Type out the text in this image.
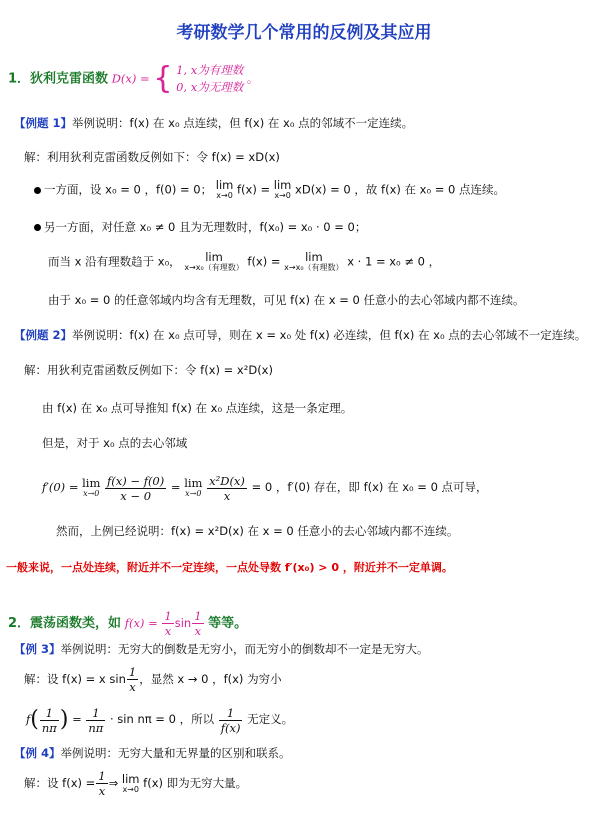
考研数学几个常用的反例及其应用
1．狄利克雷函数 D(x) = { 1, x为有理数
0, x为无理数
。
【例题 1】举例说明：f(x) 在 x₀ 点连续，但 f(x) 在 x₀ 点的邻域不一定连续。
解：利用狄利克雷函数反例如下：令 f(x) = xD(x)
一方面，设 x₀ = 0 ，f(0) = 0； lim
x→0 f(x) = lim
x→0 xD(x) = 0 ，故 f(x) 在 x₀ = 0 点连续。
另一方面，对任意 x₀ ≠ 0 且为无理数时，f(x₀) = x₀ · 0 = 0；
而当 x 沿有理数趋于 x₀，	lim
x→x₀（有理数） f(x) =	lim
x→x₀（有理数） x · 1 = x₀ ≠ 0 ，
由于 x₀ = 0 的任意邻域内均含有无理数，可见 f(x) 在 x = 0 任意小的去心邻域内都不连续。
【例题 2】举例说明：f(x) 在 x₀ 点可导，则在 x = x₀ 处 f(x) 必连续，但 f(x) 在 x₀ 点的去心邻域不一定连续。
解：用狄利克雷函数反例如下：令 f(x) = x²D(x)
由 f(x) 在 x₀ 点可导推知 f(x) 在 x₀ 点连续，这是一条定理。
但是，对于 x₀ 点的去心邻域
f′(0) = lim
x→0
$\frac{f(x) - f(0)}{x - 0} = \lim$
x→0
$\frac{\text{x²D(x)}}{x} = 0$ ，f′(0) 存在，即 f(x) 在 x₀ = 0 点可导，
然而，上例已经说明：f(x) = x²D(x) 在 x = 0 任意小的去心邻域内都不连续。
一般来说，一点处连续，附近并不一定连续，一点处导数 f′(x₀) > 0 ，附近并不一定单调。
2．震荡函数类，如 $f(x) = \frac{1}{x}$ $\sin \frac{1}{x}$ 等等。
【例 3】举例说明：无穷大的倒数是无穷小，而无穷小的倒数却不一定是无穷大。
解：设 f(x) = x $\sin \frac{1}{x}$ ，显然 x → 0 ，f(x) 为穷小
$f( \frac{1}{n\pi}$ ) = $\frac{1}{n\pi} \cdot \sin n\pi = 0$ ，所以 $\frac{1}{f(x)}$ 无定义。
【例 4】举例说明：无穷大量和无界量的区别和联系。
解：设 $f(x) = \frac{1}{x}$ ⇒ lim
x→0 f(x) 即为无穷大量。
